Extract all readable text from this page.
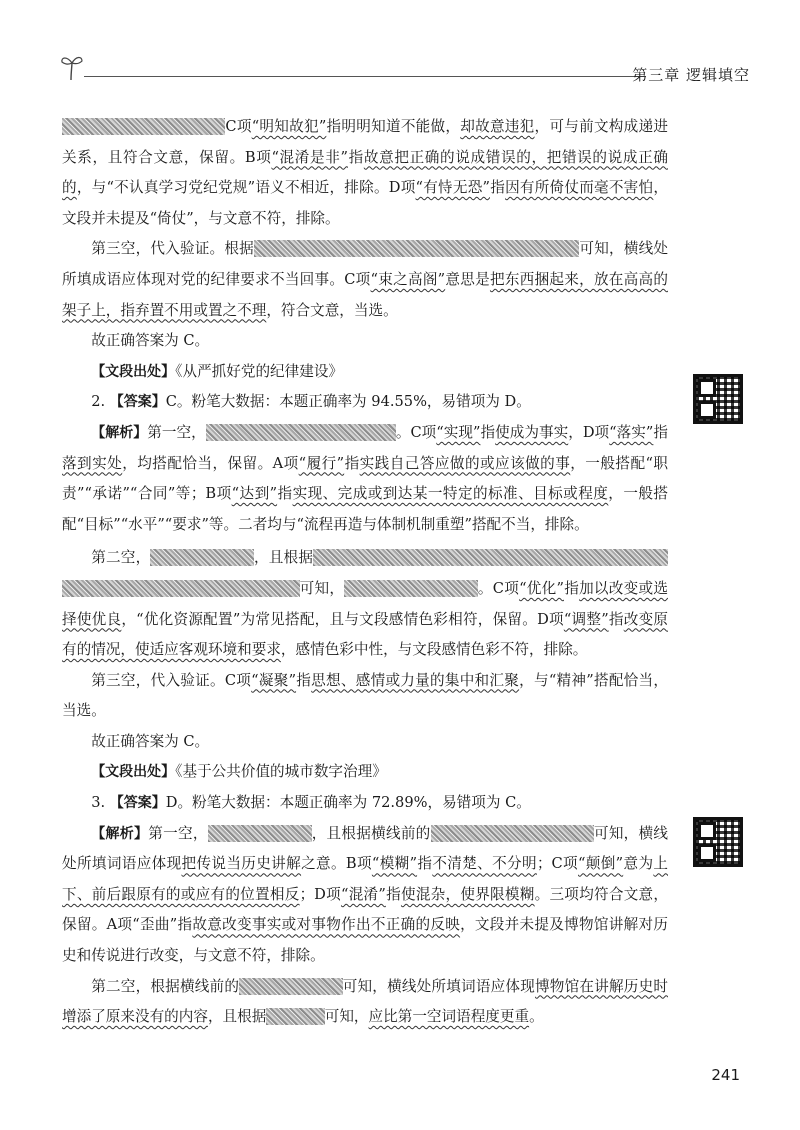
第三章 逻辑填空

C项“明知故犯”指明明知道不能做，却故意违犯，可与前文构成递进关系，且符合文意，保留。B项“混淆是非”指故意把正确的说成错误的，把错误的说成正确的，与“不认真学习党纪党规”语义不相近，排除。D项“有恃无恐”指因有所倚仗而毫不害怕，文段并未提及“倚仗”，与文意不符，排除。

第三空，代入验证。根据	可知，横线处所填成语应体现对党的纪律要求不当回事。C项“束之高阁”意思是把东西捆起来，放在高高的架子上，指弃置不用或置之不理，符合文意，当选。

故正确答案为 C。

【文段出处】《从严抓好党的纪律建设》

2. 【答案】C。粉笔大数据：本题正确率为 94.55%，易错项为 D。

【解析】第一空，	。C项“实现”指使成为事实，D项“落实”指落到实处，均搭配恰当，保留。A项“履行”指实践自己答应做的或应该做的事，一般搭配“职责”“承诺”“合同”等；B项“达到”指实现、完成或到达某一特定的标准、目标或程度，一般搭配“目标”“水平”“要求”等。二者均与“流程再造与体制机制重塑”搭配不当，排除。

第二空，	，且根据可知，	。C项“优化”指加以改变或选择使优良，“优化资源配置”为常见搭配，且与文段感情色彩相符，保留。D项“调整”指改变原有的情况，使适应客观环境和要求，感情色彩中性，与文段感情色彩不符，排除。

第三空，代入验证。C项“凝聚”指思想、感情或力量的集中和汇聚，与“精神”搭配恰当，当选。

故正确答案为 C。

【文段出处】《基于公共价值的城市数字治理》

3. 【答案】D。粉笔大数据：本题正确率为 72.89%，易错项为 C。

【解析】第一空，	，且根据横线前的	可知，横线处所填词语应体现把传说当历史讲解之意。B项“模糊”指不清楚、不分明；C项“颠倒”意为上下、前后跟原有的或应有的位置相反；D项“混淆”指使混杂，使界限模糊。三项均符合文意，保留。A项“歪曲”指故意改变事实或对事物作出不正确的反映，文段并未提及博物馆讲解对历史和传说进行改变，与文意不符，排除。

第二空，根据横线前的	可知，横线处所填词语应体现博物馆在讲解历史时增添了原来没有的内容，且根据	可知，应比第一空词语程度更重。

241
